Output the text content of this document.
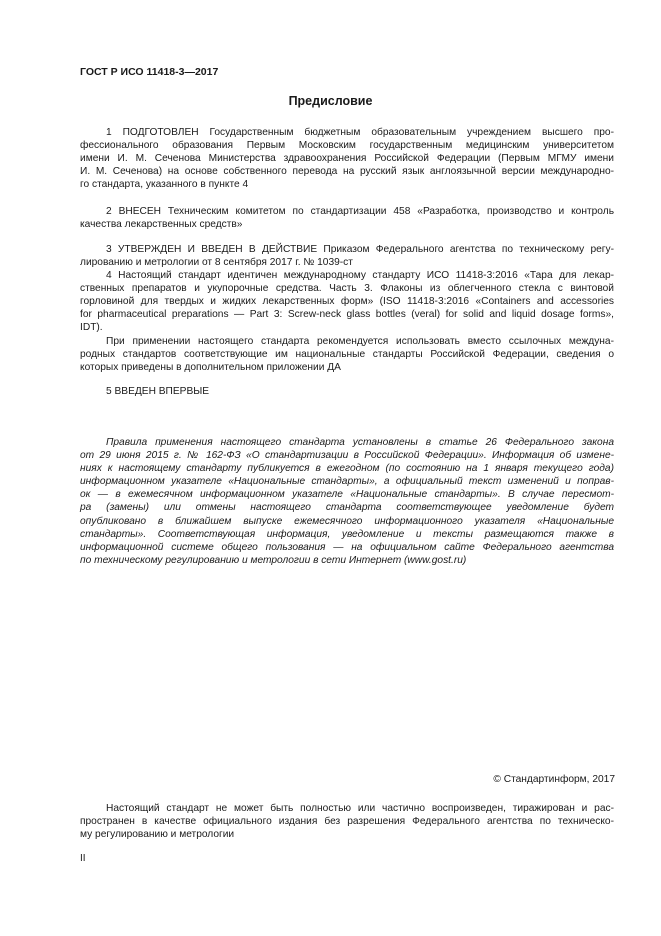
ГОСТ Р ИСО 11418-3—2017
Предисловие
1 ПОДГОТОВЛЕН Государственным бюджетным образовательным учреждением высшего про-
фессионального образования Первым Московским государственным медицинским университетом
имени И. М. Сеченова Министерства здравоохранения Российской Федерации (Первым МГМУ имени
И. М. Сеченова) на основе собственного перевода на русский язык англоязычной версии международно-
го стандарта, указанного в пункте 4
2 ВНЕСЕН Техническим комитетом по стандартизации 458 «Разработка, производство и контроль
качества лекарственных средств»
3 УТВЕРЖДЕН И ВВЕДЕН В ДЕЙСТВИЕ Приказом Федерального агентства по техническому регу-
лированию и метрологии от 8 сентября 2017 г. № 1039-ст
4 Настоящий стандарт идентичен международному стандарту ИСО 11418-3:2016 «Тара для лекар-
ственных препаратов и укупорочные средства. Часть 3. Флаконы из облегченного стекла с винтовой
горловиной для твердых и жидких лекарственных форм» (ISO 11418-3:2016 «Containers and accessories
for pharmaceutical preparations — Part 3: Screw-neck glass bottles (veral) for solid and liquid dosage forms»,
IDT).
При применении настоящего стандарта рекомендуется использовать вместо ссылочных междуна-
родных стандартов соответствующие им национальные стандарты Российской Федерации, сведения о
которых приведены в дополнительном приложении ДА
5 ВВЕДЕН ВПЕРВЫЕ
Правила применения настоящего стандарта установлены в статье 26 Федерального закона
от 29 июня 2015 г. № 162-ФЗ «О стандартизации в Российской Федерации». Информация об измене-
ниях к настоящему стандарту публикуется в ежегодном (по состоянию на 1 января текущего года)
информационном указателе «Национальные стандарты», а официальный текст изменений и поправ-
ок — в ежемесячном информационном указателе «Национальные стандарты». В случае пересмот-
ра (замены) или отмены настоящего стандарта соответствующее уведомление будет
опубликовано в ближайшем выпуске ежемесячного информационного указателя «Национальные
стандарты». Соответствующая информация, уведомление и тексты размещаются также в
информационной системе общего пользования — на официальном сайте Федерального агентства
по техническому регулированию и метрологии в сети Интернет (www.gost.ru)
© Стандартинформ, 2017
Настоящий стандарт не может быть полностью или частично воспроизведен, тиражирован и рас-
пространен в качестве официального издания без разрешения Федерального агентства по техническо-
му регулированию и метрологии
II
